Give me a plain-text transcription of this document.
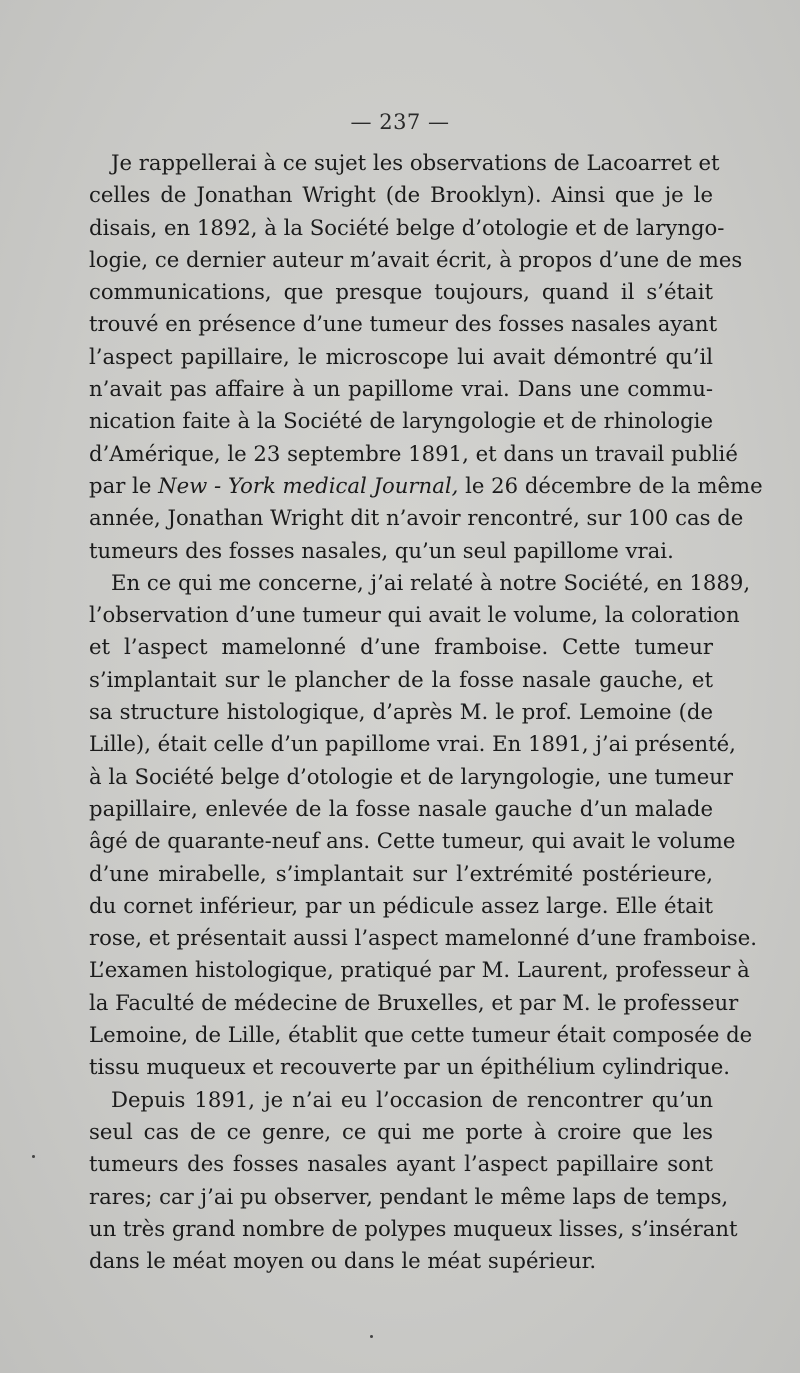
— 237 —
Je rappellerai à ce sujet les observations de Lacoarret et
celles de Jonathan Wright (de Brooklyn). Ainsi que je le
disais, en 1892, à la Société belge d’otologie et de laryngo-
logie, ce dernier auteur m’avait écrit, à propos d’une de mes
communications, que presque toujours, quand il s’était
trouvé en présence d’une tumeur des fosses nasales ayant
l’aspect papillaire, le microscope lui avait démontré qu’il
n’avait pas affaire à un papillome vrai. Dans une commu-
nication faite à la Société de laryngologie et de rhinologie
d’Amérique, le 23 septembre 1891, et dans un travail publié
par le New - York medical Journal, le 26 décembre de la même
année, Jonathan Wright dit n’avoir rencontré, sur 100 cas de
tumeurs des fosses nasales, qu’un seul papillome vrai.
En ce qui me concerne, j’ai relaté à notre Société, en 1889,
l’observation d’une tumeur qui avait le volume, la coloration
et l’aspect mamelonné d’une framboise. Cette tumeur
s’implantait sur le plancher de la fosse nasale gauche, et
sa structure histologique, d’après M. le prof. Lemoine (de
Lille), était celle d’un papillome vrai. En 1891, j’ai présenté,
à la Société belge d’otologie et de laryngologie, une tumeur
papillaire, enlevée de la fosse nasale gauche d’un malade
âgé de quarante-neuf ans. Cette tumeur, qui avait le volume
d’une mirabelle, s’implantait sur l’extrémité postérieure,
du cornet inférieur, par un pédicule assez large. Elle était
rose, et présentait aussi l’aspect mamelonné d’une framboise.
L’examen histologique, pratiqué par M. Laurent, professeur à
la Faculté de médecine de Bruxelles, et par M. le professeur
Lemoine, de Lille, établit que cette tumeur était composée de
tissu muqueux et recouverte par un épithélium cylindrique.
Depuis 1891, je n’ai eu l’occasion de rencontrer qu’un
seul cas de ce genre, ce qui me porte à croire que les
tumeurs des fosses nasales ayant l’aspect papillaire sont
rares; car j’ai pu observer, pendant le même laps de temps,
un très grand nombre de polypes muqueux lisses, s’insérant
dans le méat moyen ou dans le méat supérieur.
